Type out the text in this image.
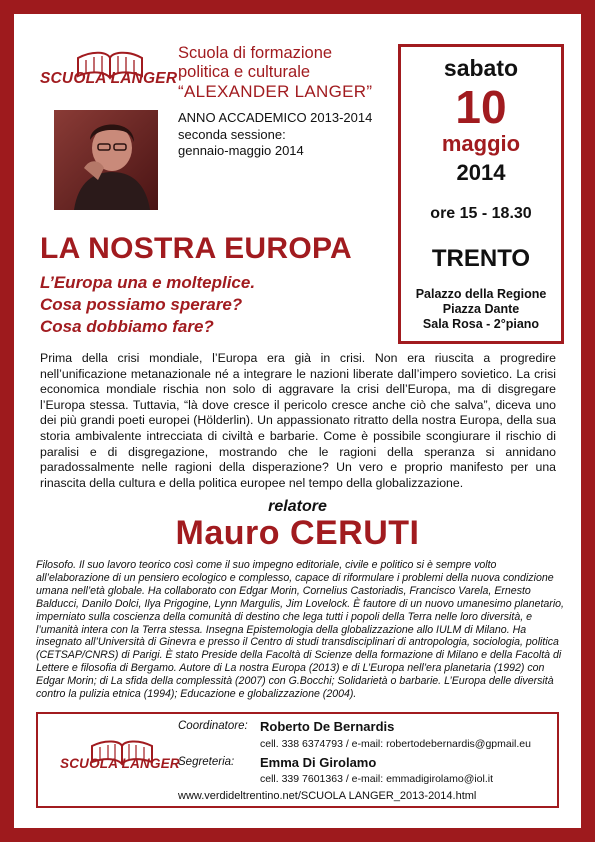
SCUOLA LANGER
Scuola di formazione
politica e culturale
“ALEXANDER LANGER”
ANNO ACCADEMICO 2013-2014
seconda sessione:
gennaio-maggio 2014
sabato
10
maggio
2014
ore 15 - 18.30
TRENTO
Palazzo della Regione
Piazza Dante
Sala Rosa - 2°piano
LA NOSTRA EUROPA
L’Europa una e molteplice.
Cosa possiamo sperare?
Cosa dobbiamo fare?
Prima della crisi mondiale, l’Europa era già in crisi. Non era riuscita a progredire nell’unificazione metanazionale né a integrare le nazioni liberate dall’impero sovietico. La crisi economica mondiale rischia non solo di aggravare la crisi dell’Europa, ma di disgregare l’Europa stessa. Tuttavia, “là dove cresce il pericolo cresce anche ciò che salva”, diceva uno dei più grandi poeti europei (Hölderlin). Un appassionato ritratto della nostra Europa, della sua storia ambivalente intrecciata di civiltà e barbarie. Come è possibile scongiurare il rischio di paralisi e di disgregazione, mostrando che le ragioni della speranza si annidano paradossalmente nelle ragioni della disperazione? Un vero e proprio manifesto per una rinascita della cultura e della politica europee nel tempo della globalizzazione.
relatore
Mauro CERUTI
Filosofo. Il suo lavoro teorico così come il suo impegno editoriale, civile e politico si è sempre volto all’elaborazione di un pensiero ecologico e complesso, capace di riformulare i problemi della nuova condizione umana nell’età globale. Ha collaborato con Edgar Morin, Cornelius Castoriadis, Francisco Varela, Ernesto Balducci, Danilo Dolci, Ilya Prigogine, Lynn Margulis, Jim Lovelock. È fautore di un nuovo umanesimo planetario, imperniato sulla coscienza della comunità di destino che lega tutti i popoli della Terra nelle loro diversità, e l’umanità intera con la Terra stessa. Insegna Epistemologia della globalizzazione allo IULM di Milano. Ha insegnato all’Università di Ginevra e presso il Centro di studi transdisciplinari di antropologia, sociologia, politica (CETSAP/CNRS) di Parigi. È stato Preside della Facoltà di Scienze della formazione di Milano e della Facoltà di Lettere e filosofia di Bergamo. Autore di La nostra Europa (2013) e di L’Europa nell’era planetaria (1992) con Edgar Morin; di La sfida della complessità (2007) con G.Bocchi; Solidarietà o barbarie. L’Europa delle diversità contro la pulizia etnica (1994); Educazione e globalizzazione (2004).
SCUOLA LANGER
Coordinatore: Roberto De Bernardis
cell. 338 6374793 / e-mail: robertodebernardis@gpmail.eu
Segreteria: Emma Di Girolamo
cell. 339 7601363 / e-mail: emmadigirolamo@iol.it
www.verdideltrentino.net/SCUOLA LANGER_2013-2014.html
